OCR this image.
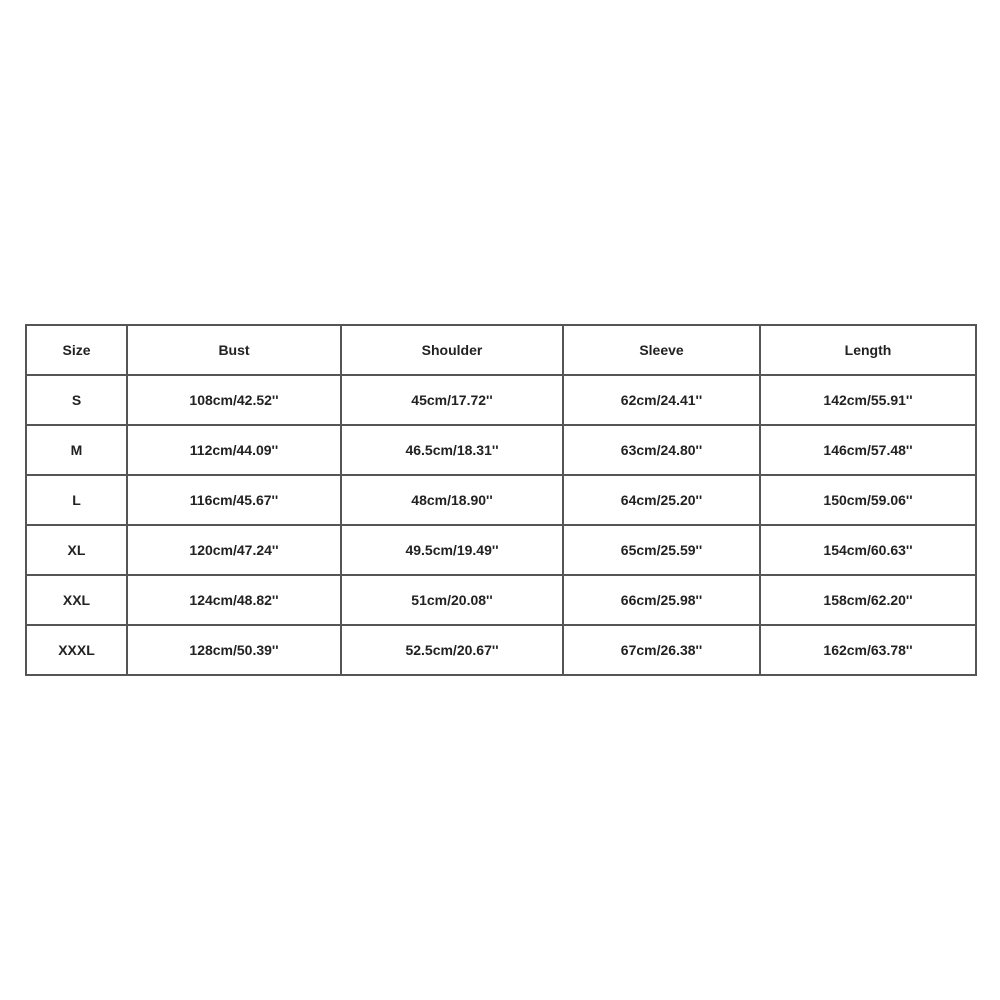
Size	Bust	Shoulder	Sleeve	Length
S	108cm/42.52''	45cm/17.72''	62cm/24.41''	142cm/55.91''
M	112cm/44.09''	46.5cm/18.31''	63cm/24.80''	146cm/57.48''
L	116cm/45.67''	48cm/18.90''	64cm/25.20''	150cm/59.06''
XL	120cm/47.24''	49.5cm/19.49''	65cm/25.59''	154cm/60.63''
XXL	124cm/48.82''	51cm/20.08''	66cm/25.98''	158cm/62.20''
XXXL	128cm/50.39''	52.5cm/20.67''	67cm/26.38''	162cm/63.78''
